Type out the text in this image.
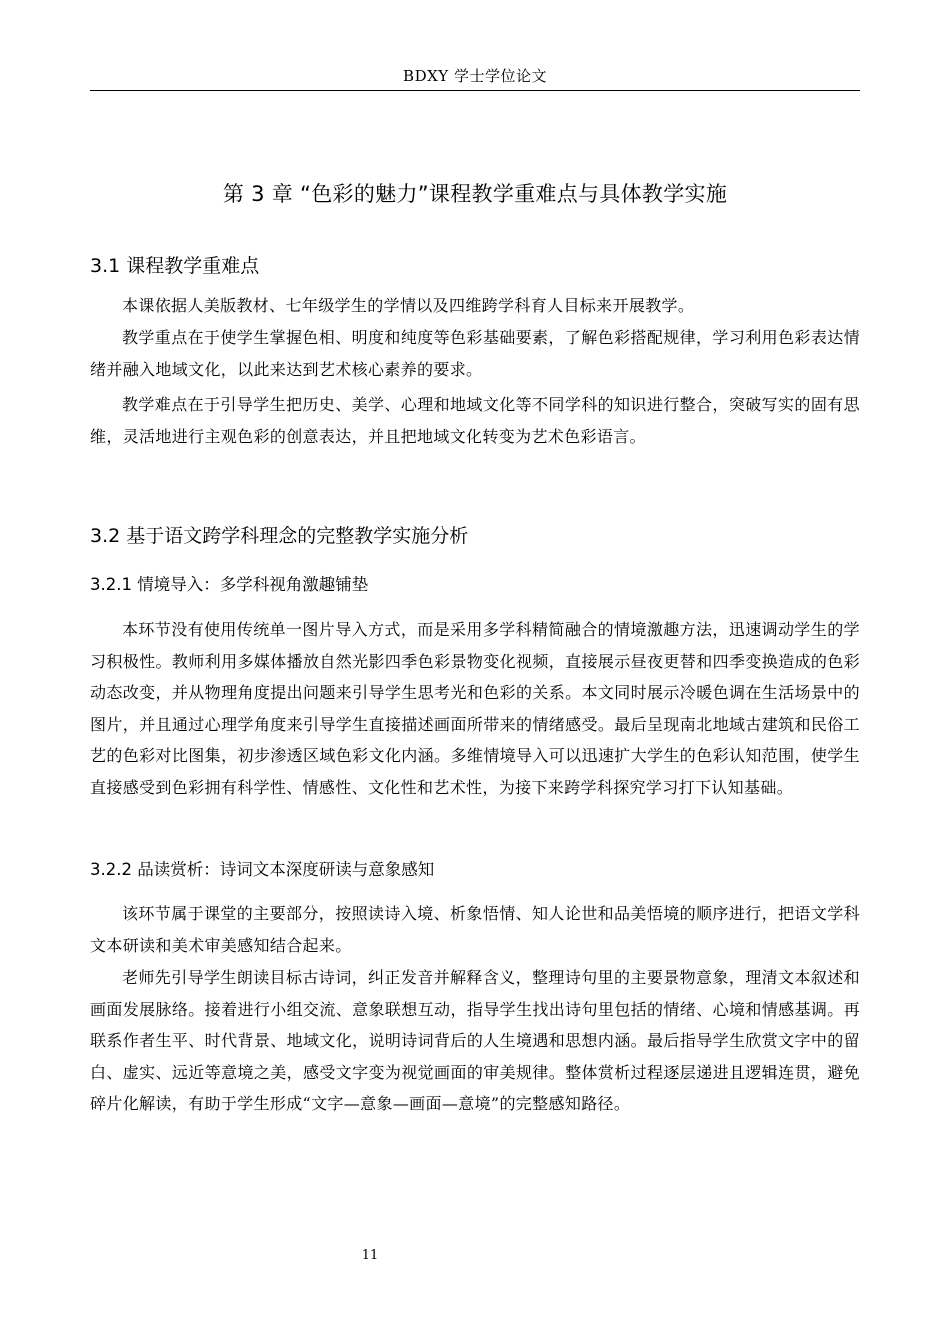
BDXY 学士学位论文
第 3 章 “色彩的魅力”课程教学重难点与具体教学实施
3.1 课程教学重难点

本课依据人美版教材、七年级学生的学情以及四维跨学科育人目标来开展教学。

教学重点在于使学生掌握色相、明度和纯度等色彩基础要素，了解色彩搭配规律，学习利用色彩表达情绪并融入地域文化，以此来达到艺术核心素养的要求。

教学难点在于引导学生把历史、美学、心理和地域文化等不同学科的知识进行整合，突破写实的固有思维，灵活地进行主观色彩的创意表达，并且把地域文化转变为艺术色彩语言。

3.2 基于语文跨学科理念的完整教学实施分析
3.2.1 情境导入：多学科视角激趣铺垫

本环节没有使用传统单一图片导入方式，而是采用多学科精简融合的情境激趣方法，迅速调动学生的学习积极性。教师利用多媒体播放自然光影四季色彩景物变化视频，直接展示昼夜更替和四季变换造成的色彩动态改变，并从物理角度提出问题来引导学生思考光和色彩的关系。本文同时展示冷暖色调在生活场景中的图片，并且通过心理学角度来引导学生直接描述画面所带来的情绪感受。最后呈现南北地域古建筑和民俗工艺的色彩对比图集，初步渗透区域色彩文化内涵。多维情境导入可以迅速扩大学生的色彩认知范围，使学生直接感受到色彩拥有科学性、情感性、文化性和艺术性，为接下来跨学科探究学习打下认知基础。

3.2.2 品读赏析：诗词文本深度研读与意象感知

该环节属于课堂的主要部分，按照读诗入境、析象悟情、知人论世和品美悟境的顺序进行，把语文学科文本研读和美术审美感知结合起来。

老师先引导学生朗读目标古诗词，纠正发音并解释含义，整理诗句里的主要景物意象，理清文本叙述和画面发展脉络。接着进行小组交流、意象联想互动，指导学生找出诗句里包括的情绪、心境和情感基调。再联系作者生平、时代背景、地域文化，说明诗词背后的人生境遇和思想内涵。最后指导学生欣赏文字中的留白、虚实、远近等意境之美，感受文字变为视觉画面的审美规律。整体赏析过程逐层递进且逻辑连贯，避免碎片化解读，有助于学生形成“文字—意象—画面—意境”的完整感知路径。

11
